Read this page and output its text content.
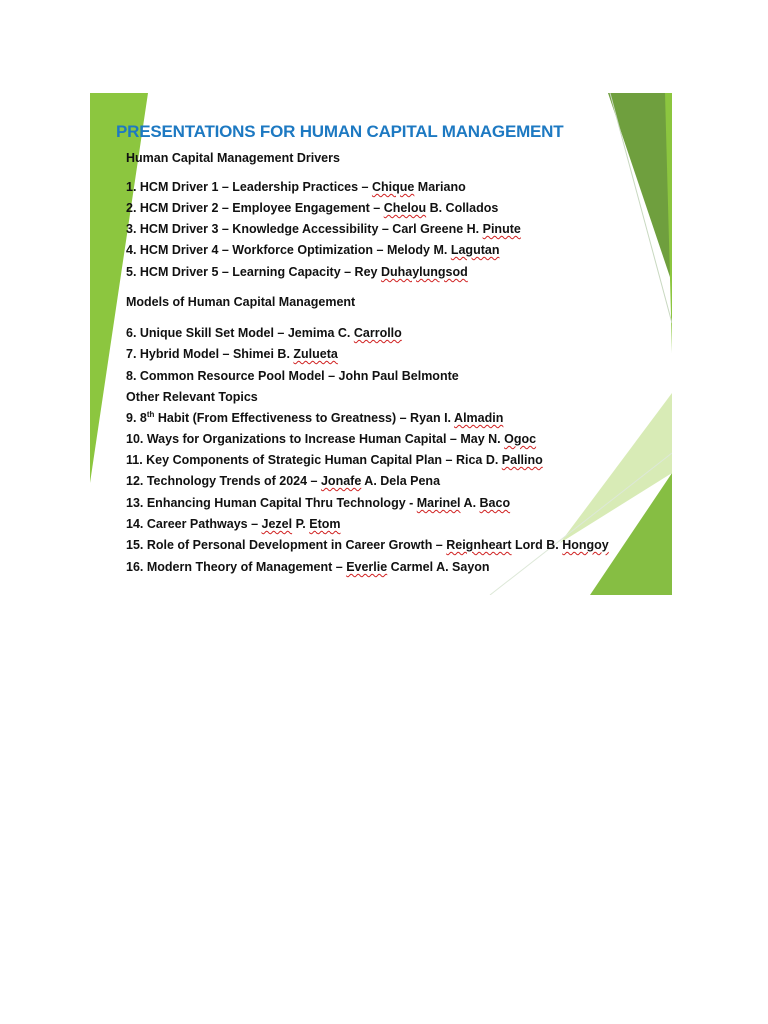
PRESENTATIONS FOR HUMAN CAPITAL MANAGEMENT
Human Capital Management Drivers
1. HCM Driver 1 – Leadership Practices – Chique Mariano
2. HCM Driver 2 – Employee Engagement – Chelou B. Collados
3. HCM Driver 3 – Knowledge Accessibility – Carl Greene H. Pinute
4. HCM Driver 4 – Workforce Optimization – Melody M. Lagutan
5. HCM Driver 5 – Learning Capacity – Rey Duhaylungsod
Models of Human Capital Management
6. Unique Skill Set Model – Jemima C. Carrollo
7. Hybrid Model – Shimei B. Zulueta
8. Common Resource Pool Model – John Paul Belmonte
Other Relevant Topics
9. 8th Habit (From Effectiveness to Greatness) – Ryan I. Almadin
10. Ways for Organizations to Increase Human Capital – May N. Ogoc
11. Key Components of Strategic Human Capital Plan – Rica D. Pallino
12. Technology Trends of 2024 – Jonafe A. Dela Pena
13. Enhancing Human Capital Thru Technology - Marinel A. Baco
14. Career Pathways – Jezel P. Etom
15. Role of Personal Development in Career Growth – Reignheart Lord B. Hongoy
16. Modern Theory of Management – Everlie Carmel A. Sayon
